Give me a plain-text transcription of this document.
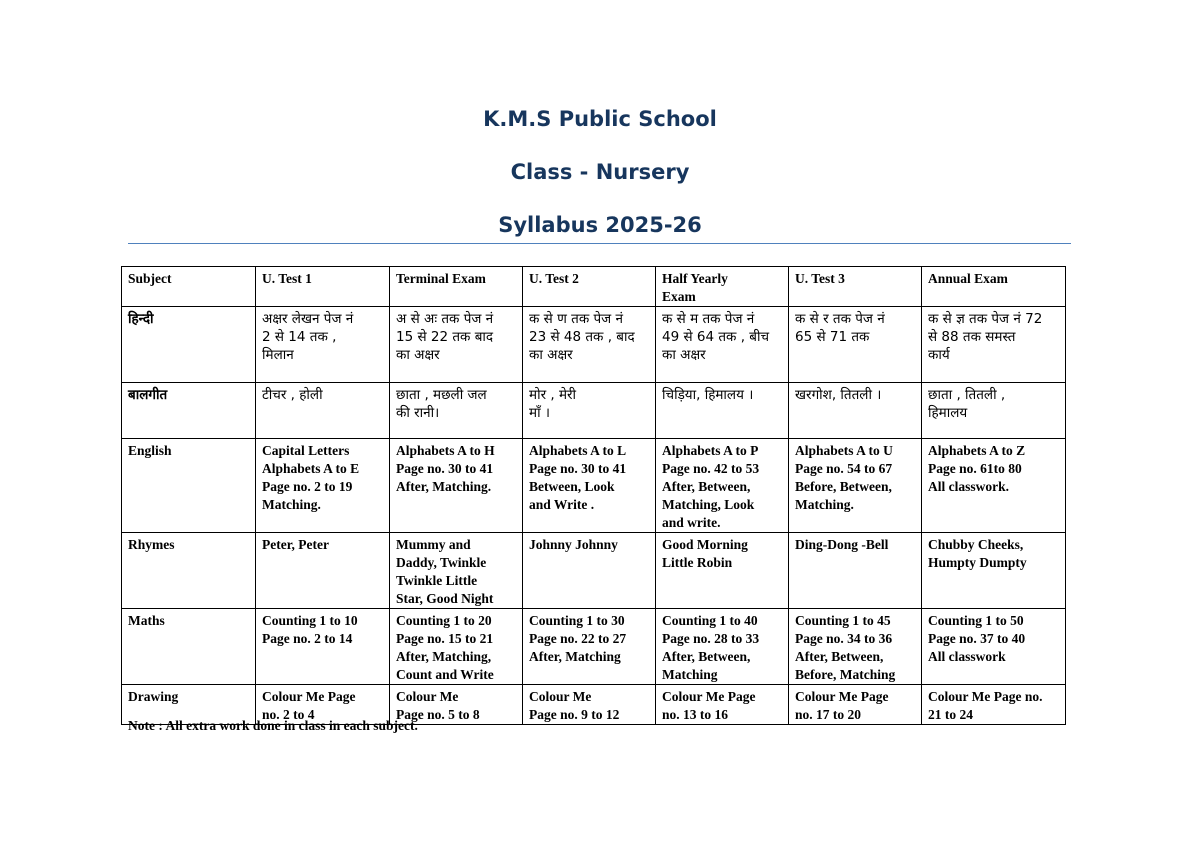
K.M.S Public School
Class - Nursery
Syllabus 2025-26
Subject	U. Test 1	Terminal Exam	U. Test 2	Half Yearly
Exam	U. Test 3	Annual Exam
हिन्दी	अक्षर लेखन पेज नं
2 से 14 तक ,
मिलान	अ से अः तक पेज नं
15 से 22 तक बाद
का अक्षर	क से ण तक पेज नं
23 से 48 तक , बाद
का अक्षर	क से म तक पेज नं
49 से 64 तक , बीच
का अक्षर	क से र तक पेज नं
65 से 71 तक	क से ज्ञ तक पेज नं 72
से 88 तक समस्त
कार्य
बालगीत	टीचर , होली	छाता , मछली जल
की रानी।	मोर , मेरी
माँ ।	चिड़िया, हिमालय ।	खरगोश, तितली ।	छाता , तितली ,
हिमालय
English	Capital Letters
Alphabets A to E
Page no. 2 to 19
Matching.	Alphabets A to H
Page no. 30 to 41
After, Matching.	Alphabets A to L
Page no. 30 to 41
Between, Look
and Write .	Alphabets A to P
Page no. 42 to 53
After, Between,
Matching, Look
and write.	Alphabets A to U
Page no. 54 to 67
Before, Between,
Matching.	Alphabets A to Z
Page no. 61to 80
All classwork.
Rhymes	Peter, Peter	Mummy and
Daddy, Twinkle
Twinkle Little
Star, Good Night	Johnny Johnny	Good Morning
Little Robin	Ding-Dong -Bell	Chubby Cheeks,
Humpty Dumpty
Maths	Counting 1 to 10
Page no. 2 to 14	Counting 1 to 20
Page no. 15 to 21
After, Matching,
Count and Write	Counting 1 to 30
Page no. 22 to 27
After, Matching	Counting 1 to 40
Page no. 28 to 33
After, Between,
Matching	Counting 1 to 45
Page no. 34 to 36
After, Between,
Before, Matching	Counting 1 to 50
Page no. 37 to 40
All classwork
Drawing	Colour Me Page
no. 2 to 4	Colour Me
Page no. 5 to 8	Colour Me
Page no. 9 to 12	Colour Me Page
no. 13 to 16	Colour Me Page
no. 17 to 20	Colour Me Page no.
21 to 24
Note : All extra work done in class in each subject.
